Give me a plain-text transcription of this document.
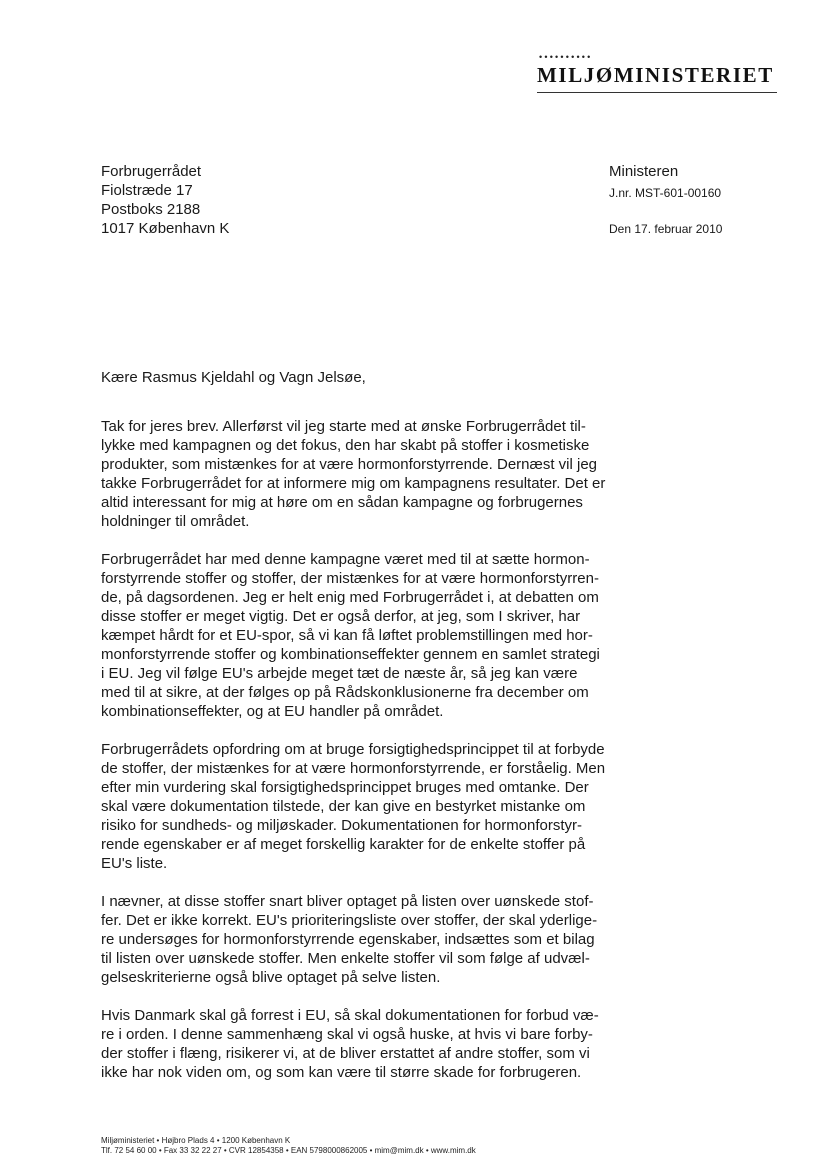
••••••••••
MILJØMINISTERIET
Forbrugerrådet
Fiolstræde 17
Postboks 2188
1017 København K
Ministeren
J.nr. MST-601-00160
Den 17. februar 2010
Kære Rasmus Kjeldahl og Vagn Jelsøe,
Tak for jeres brev. Allerførst vil jeg starte med at ønske Forbrugerrådet til-
lykke med kampagnen og det fokus, den har skabt på stoffer i kosmetiske
produkter, som mistænkes for at være hormonforstyrrende. Dernæst vil jeg
takke Forbrugerrådet for at informere mig om kampagnens resultater. Det er
altid interessant for mig at høre om en sådan kampagne og forbrugernes
holdninger til området.
Forbrugerrådet har med denne kampagne været med til at sætte hormon-
forstyrrende stoffer og stoffer, der mistænkes for at være hormonforstyrren-
de, på dagsordenen. Jeg er helt enig med Forbrugerrådet i, at debatten om
disse stoffer er meget vigtig. Det er også derfor, at jeg, som I skriver, har
kæmpet hårdt for et EU-spor, så vi kan få løftet problemstillingen med hor-
monforstyrrende stoffer og kombinationseffekter gennem en samlet strategi
i EU. Jeg vil følge EU's arbejde meget tæt de næste år, så jeg kan være
med til at sikre, at der følges op på Rådskonklusionerne fra december om
kombinationseffekter, og at EU handler på området.
Forbrugerrådets opfordring om at bruge forsigtighedsprincippet til at forbyde
de stoffer, der mistænkes for at være hormonforstyrrende, er forståelig. Men
efter min vurdering skal forsigtighedsprincippet bruges med omtanke. Der
skal være dokumentation tilstede, der kan give en bestyrket mistanke om
risiko for sundheds- og miljøskader. Dokumentationen for hormonforstyr-
rende egenskaber er af meget forskellig karakter for de enkelte stoffer på
EU's liste.
I nævner, at disse stoffer snart bliver optaget på listen over uønskede stof-
fer. Det er ikke korrekt. EU's prioriteringsliste over stoffer, der skal yderlige-
re undersøges for hormonforstyrrende egenskaber, indsættes som et bilag
til listen over uønskede stoffer. Men enkelte stoffer vil som følge af udvæl-
gelseskriterierne også blive optaget på selve listen.
Hvis Danmark skal gå forrest i EU, så skal dokumentationen for forbud væ-
re i orden. I denne sammenhæng skal vi også huske, at hvis vi bare forby-
der stoffer i flæng, risikerer vi, at de bliver erstattet af andre stoffer, som vi
ikke har nok viden om, og som kan være til større skade for forbrugeren.
Miljøministeriet • Højbro Plads 4 • 1200 København K
Tlf. 72 54 60 00 • Fax 33 32 22 27 • CVR 12854358 • EAN 5798000862005 • mim@mim.dk • www.mim.dk
